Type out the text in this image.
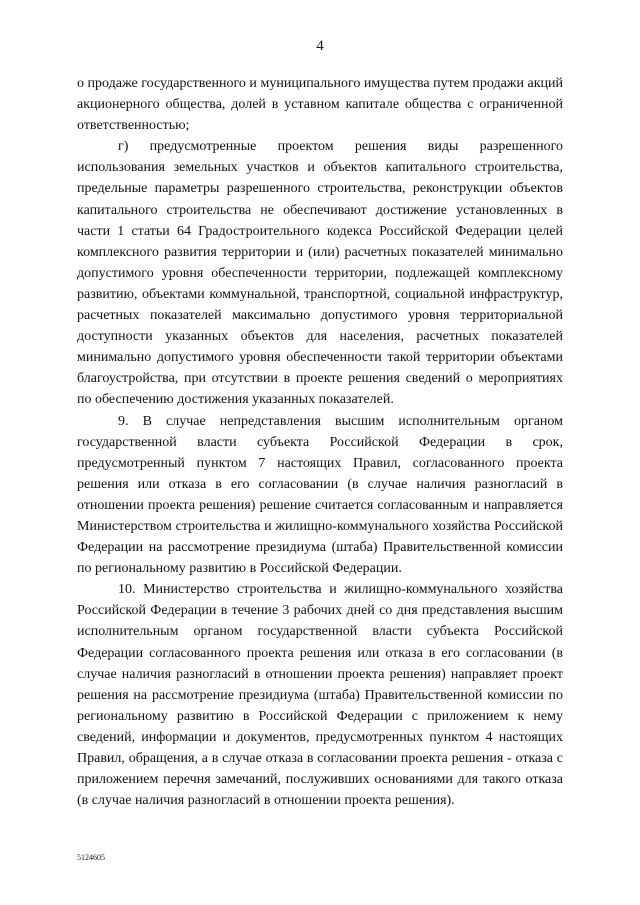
4

о продаже государственного и муниципального имущества путем продажи акций акционерного общества, долей в уставном капитале общества с ограниченной ответственностью;

г) предусмотренные проектом решения виды разрешенного использования земельных участков и объектов капитального строительства, предельные параметры разрешенного строительства, реконструкции объектов капитального строительства не обеспечивают достижение установленных в части 1 статьи 64 Градостроительного кодекса Российской Федерации целей комплексного развития территории и (или) расчетных показателей минимально допустимого уровня обеспеченности территории, подлежащей комплексному развитию, объектами коммунальной, транспортной, социальной инфраструктур, расчетных показателей максимально допустимого уровня территориальной доступности указанных объектов для населения, расчетных показателей минимально допустимого уровня обеспеченности такой территории объектами благоустройства, при отсутствии в проекте решения сведений о мероприятиях по обеспечению достижения указанных показателей.

9. В случае непредставления высшим исполнительным органом государственной власти субъекта Российской Федерации в срок, предусмотренный пунктом 7 настоящих Правил, согласованного проекта решения или отказа в его согласовании (в случае наличия разногласий в отношении проекта решения) решение считается согласованным и направляется Министерством строительства и жилищно-коммунального хозяйства Российской Федерации на рассмотрение президиума (штаба) Правительственной комиссии по региональному развитию в Российской Федерации.

10. Министерство строительства и жилищно-коммунального хозяйства Российской Федерации в течение 3 рабочих дней со дня представления высшим исполнительным органом государственной власти субъекта Российской Федерации согласованного проекта решения или отказа в его согласовании (в случае наличия разногласий в отношении проекта решения) направляет проект решения на рассмотрение президиума (штаба) Правительственной комиссии по региональному развитию в Российской Федерации с приложением к нему сведений, информации и документов, предусмотренных пунктом 4 настоящих Правил, обращения, а в случае отказа в согласовании проекта решения - отказа с приложением перечня замечаний, послуживших основаниями для такого отказа (в случае наличия разногласий в отношении проекта решения).

5124605
